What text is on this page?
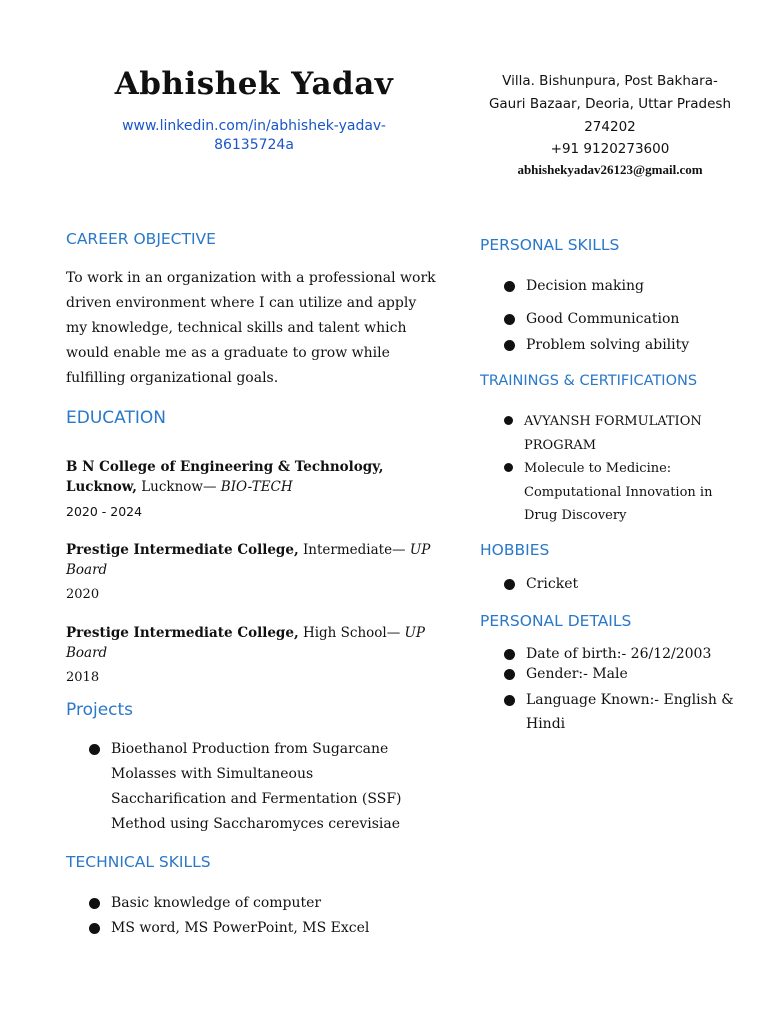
Abhishek Yadav
www.linkedin.com/in/abhishek-yadav-
86135724a
Villa. Bishunpura, Post Bakhara-
Gauri Bazaar, Deoria, Uttar Pradesh
274202
+91 9120273600
abhishekyadav26123@gmail.com
CAREER OBJECTIVE
To work in an organization with a professional work driven environment where I can utilize and apply my knowledge, technical skills and talent which would enable me as a graduate to grow while fulfilling organizational goals.
EDUCATION
B N College of Engineering & Technology, Lucknow, Lucknow— BIO-TECH
2020 - 2024
Prestige Intermediate College, Intermediate— UP Board
2020
Prestige Intermediate College, High School— UP Board
2018
Projects
Bioethanol Production from Sugarcane Molasses with Simultaneous Saccharification and Fermentation (SSF) Method using Saccharomyces cerevisiae
TECHNICAL SKILLS
Basic knowledge of computer
MS word, MS PowerPoint, MS Excel
PERSONAL SKILLS
Decision making
Good Communication
Problem solving ability
TRAININGS & CERTIFICATIONS
AVYANSH FORMULATION PROGRAM
Molecule to Medicine: Computational Innovation in Drug Discovery
HOBBIES
Cricket
PERSONAL DETAILS
Date of birth:- 26/12/2003
Gender:- Male
Language Known:- English & Hindi
